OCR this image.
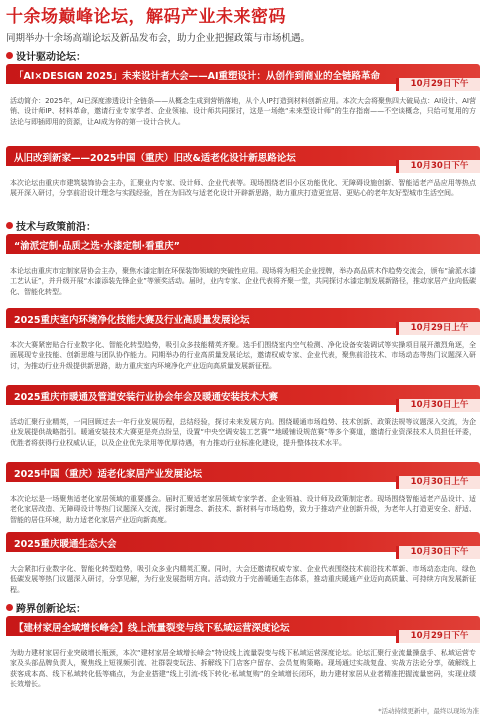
十余场巅峰论坛，解码产业未来密码
同期举办十余场高端论坛及新品发布会，助力企业把握政策与市场机遇。
设计驱动论坛：
「AI×DESIGN 2025」未来设计者大会——AI重塑设计：从创作到商业的全链路革命
10月29日下午
活动简介：2025年，AI已深度渗透设计全链条——从概念生成到营销落地，从个人IP打造到材料创新应用。本次大会将聚焦四大破局点：AI设计、AI营销、设计师IP、材料革命，邀请行业专家学者、企业领袖、设计师共同探讨，这是一场绝“未来型设计师”的生存指南——不空谈概念，只给可复用的方法论与即插即用的资源，让AI成为你的第一设计合伙人。
从旧改到新家——2025中国（重庆）旧改&适老化设计新思路论坛
10月30日下午
本次论坛由重庆市建筑装饰协会主办，汇聚业内专家、设计师、企业代表等。现场围绕老旧小区功能优化、无障碍设施创新、智能适老产品应用等热点展开深入研讨，分享前沿设计理念与实践经验，旨在为旧改与适老化设计开辟新思路，助力重庆打造更宜居、更贴心的老年友好型城市生活空间。
技术与政策前沿：
“渝派定制·品质之选·水漆定制·看重庆”
本论坛由重庆市定制家居协会主办，聚焦水漆定制在环保装饰领域的突破性应用。现场将为相关企业授牌，举办高品质木作趋势交流会，颁布“渝派水漆工艺认证”，并升级开展“水漆添装先锋企业”等颁奖活动。届时，业内专家、企业代表将齐聚一堂，共同探讨水漆定制发展新路径，推动家居产业向低碳化、智能化转型。
2025重庆室内环境净化技能大赛及行业高质量发展论坛
10月29日上午
本次大赛紧密贴合行业数字化、智能化转型趋势，吸引众多技能精英齐聚。选手们围绕室内空气检测、净化设备安装调试等实操项目展开激烈角逐，全面展现专业技能、创新思维与团队协作能力。同期举办的行业高质量发展论坛，邀请权威专家、企业代表，聚焦前沿技术、市场动态等热门议题深入研讨，为推动行业升级提供新思路，助力重庆室内环境净化产业迈向高质量发展新征程。
2025重庆市暖通及管道安装行业协会年会及暖通安装技术大赛
10月30日上午
活动汇聚行业精英，一同回顾过去一年行业发展历程，总结经验，探讨未来发展方向。围绕暖通市场趋势、技术创新、政策法规等议题深入交流，为企业发展提供战略指引。暖通安装技术大赛更是亮点纷呈，设置“中央空调安装工艺赛”“地暖铺设规范赛”等多个赛道，邀请行业资深技术人员担任评委，优胜者将获得行业权威认证，以及企业优先录用等优厚待遇，有力推动行业标准化建设，提升整体技术水平。
2025中国（重庆）适老化家居产业发展论坛
10月30日上午
本次论坛是一场聚焦适老化家居领域的重要盛会。届时汇聚适老家居领域专家学者、企业领袖、设计师及政策制定者。现场围绕智能适老产品设计、适老化家居改造、无障碍设计等热门议题深入交流，探讨新理念、新技术、新材料与市场趋势，致力于推动产业创新升级，为老年人打造更安全、舒适、智能的居住环境，助力适老化家居产业迈向新高度。
2025重庆暖通生态大会
10月30日下午
大会紧扣行业数字化、智能化转型趋势，吸引众多业内精英汇聚。同时，大会还邀请权威专家、企业代表围绕技术前沿技术革新、市场动态走向、绿色低碳发展等热门议题深入研讨，分享见解，为行业发展指明方向。活动致力于完善暖通生态体系，推动重庆暖通产业迈向高质量、可持续方向发展新征程。
跨界创新论坛：
【建材家居全域增长峰会】线上流量裂变与线下私域运营深度论坛
10月29日下午
为助力建材家居行业突破增长瓶颈，本次“建材家居全域增长峰会”特设线上流量裂变与线下私域运营深度论坛。论坛汇聚行业流量操盘手、私域运营专家及头部品牌负责人，聚焦线上短视频引流、社群裂变玩法、拆解线下门店客户留存、会员复购策略。现场通过实战复盘、实战方法论分享，破解线上获客成本高、线下私域转化低等痛点，为企业搭建“线上引流-线下转化-私域复购”的全域增长闭环，助力建材家居从业者精准把握流量密码，实现业绩长效增长。
*活动持续更新中，最终以现场为准
